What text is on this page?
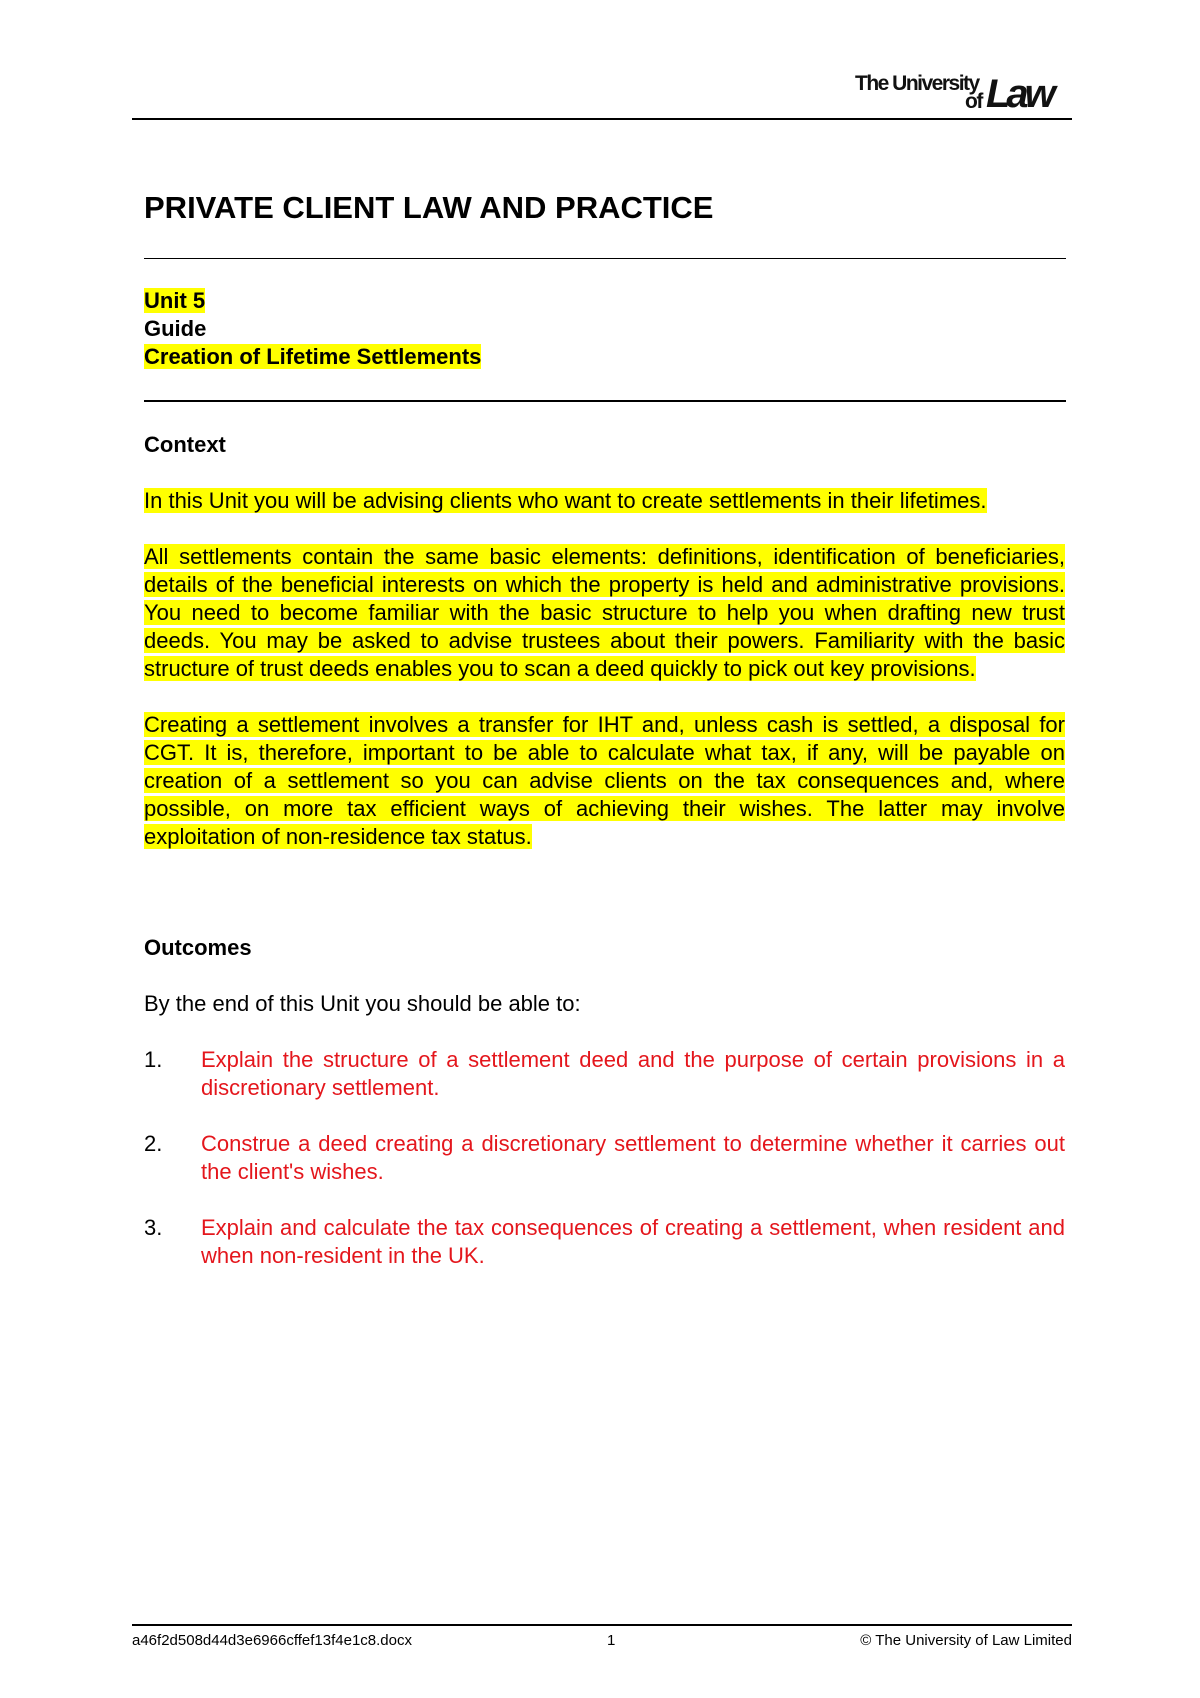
The University
of Law
PRIVATE CLIENT LAW AND PRACTICE
Unit 5
Guide
Creation of Lifetime Settlements
Context

In this Unit you will be advising clients who want to create settlements in their lifetimes.

All settlements contain the same basic elements: definitions, identification of beneficiaries, details of the beneficial interests on which the property is held and administrative provisions. You need to become familiar with the basic structure to help you when drafting new trust deeds. You may be asked to advise trustees about their powers. Familiarity with the basic structure of trust deeds enables you to scan a deed quickly to pick out key provisions.

Creating a settlement involves a transfer for IHT and, unless cash is settled, a disposal for CGT. It is, therefore, important to be able to calculate what tax, if any, will be payable on creation of a settlement so you can advise clients on the tax consequences and, where possible, on more tax efficient ways of achieving their wishes. The latter may involve exploitation of non-residence tax status.

Outcomes
By the end of this Unit you should be able to:
1. Explain the structure of a settlement deed and the purpose of certain provisions in a discretionary settlement.

2. Construe a deed creating a discretionary settlement to determine whether it carries out the client's wishes.

3. Explain and calculate the tax consequences of creating a settlement, when resident and when non-resident in the UK.

a46f2d508d44d3e6966cffef13f4e1c8.docx	1	© The University of Law Limited
